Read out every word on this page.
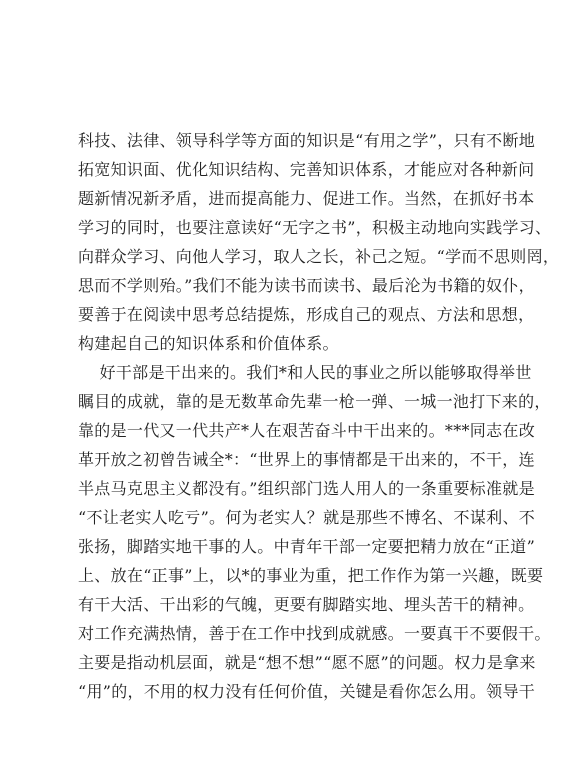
科技、法律、领导科学等方面的知识是“有用之学”，只有不断地
拓宽知识面、优化知识结构、完善知识体系，才能应对各种新问
题新情况新矛盾，进而提高能力、促进工作。当然，在抓好书本
学习的同时，也要注意读好“无字之书”，积极主动地向实践学习、
向群众学习、向他人学习，取人之长，补己之短。“学而不思则罔，
思而不学则殆。”我们不能为读书而读书、最后沦为书籍的奴仆，
要善于在阅读中思考总结提炼，形成自己的观点、方法和思想，
构建起自己的知识体系和价值体系。
好干部是干出来的。我们*和人民的事业之所以能够取得举世
瞩目的成就，靠的是无数革命先辈一枪一弹、一城一池打下来的，
靠的是一代又一代共产*人在艰苦奋斗中干出来的。***同志在改
革开放之初曾告诫全*：“世界上的事情都是干出来的，不干，连
半点马克思主义都没有。”组织部门选人用人的一条重要标准就是
“不让老实人吃亏”。何为老实人？就是那些不博名、不谋利、不
张扬，脚踏实地干事的人。中青年干部一定要把精力放在“正道”
上、放在“正事”上，以*的事业为重，把工作作为第一兴趣，既要
有干大活、干出彩的气魄，更要有脚踏实地、埋头苦干的精神。
对工作充满热情，善于在工作中找到成就感。一要真干不要假干。
主要是指动机层面，就是“想不想”“愿不愿”的问题。权力是拿来
“用”的，不用的权力没有任何价值，关键是看你怎么用。领导干
